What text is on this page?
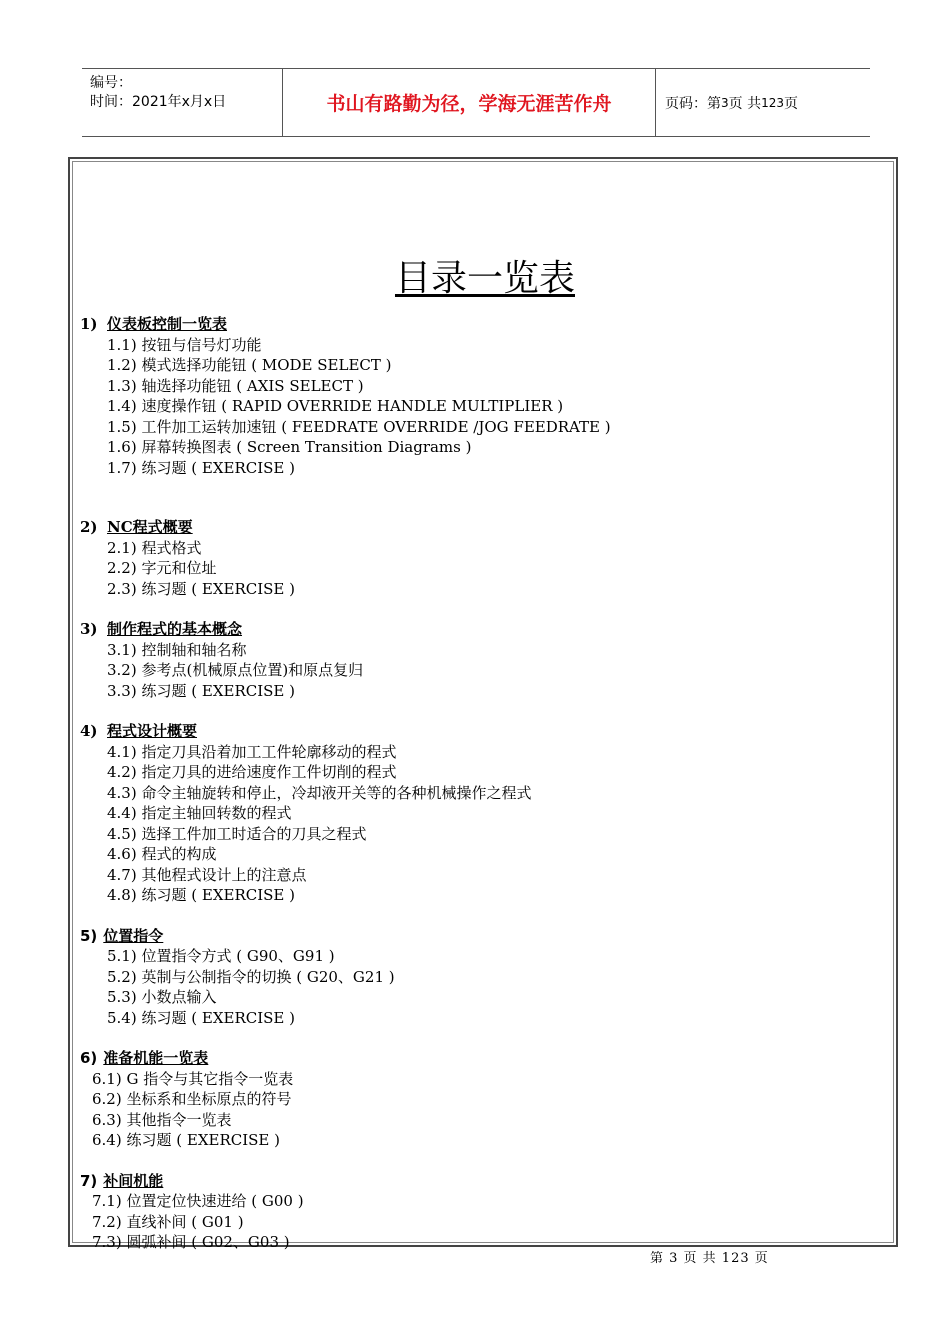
编号：
时间：2021年x月x日	书山有路勤为径，学海无涯苦作舟	页码：第 3 页 共 123 页
目录一览表
1) 仪表板控制一览表
1.1) 按钮与信号灯功能
1.2) 模式选择功能钮 ( MODE SELECT )
1.3) 轴选择功能钮 ( AXIS SELECT )
1.4) 速度操作钮 ( RAPID OVERRIDE HANDLE MULTIPLIER )
1.5) 工件加工运转加速钮 ( FEEDRATE OVERRIDE /JOG FEEDRATE )
1.6) 屏幕转换图表 ( Screen Transition Diagrams )
1.7) 练习题 ( EXERCISE )
2) NC程式概要
2.1) 程式格式
2.2) 字元和位址
2.3) 练习题 ( EXERCISE )
3) 制作程式的基本概念
3.1) 控制轴和轴名称
3.2) 参考点(机械原点位置)和原点复归
3.3) 练习题 ( EXERCISE )
4) 程式设计概要
4.1) 指定刀具沿着加工工件轮廓移动的程式
4.2) 指定刀具的进给速度作工件切削的程式
4.3) 命令主轴旋转和停止，冷却液开关等的各种机械操作之程式
4.4) 指定主轴回转数的程式
4.5) 选择工件加工时适合的刀具之程式
4.6) 程式的构成
4.7) 其他程式设计上的注意点
4.8) 练习题 ( EXERCISE )
5) 位置指令
5.1) 位置指令方式 ( G90、G91 )
5.2) 英制与公制指令的切换 ( G20、G21 )
5.3) 小数点输入
5.4) 练习题 ( EXERCISE )
6) 准备机能一览表
6.1) G 指令与其它指令一览表
6.2) 坐标系和坐标原点的符号
6.3) 其他指令一览表
6.4) 练习题 ( EXERCISE )
7) 补间机能
7.1) 位置定位快速进给 ( G00 )
7.2) 直线补间 ( G01 )
7.3) 圆弧补间 ( G02、G03 )
第 3 页 共 123 页
